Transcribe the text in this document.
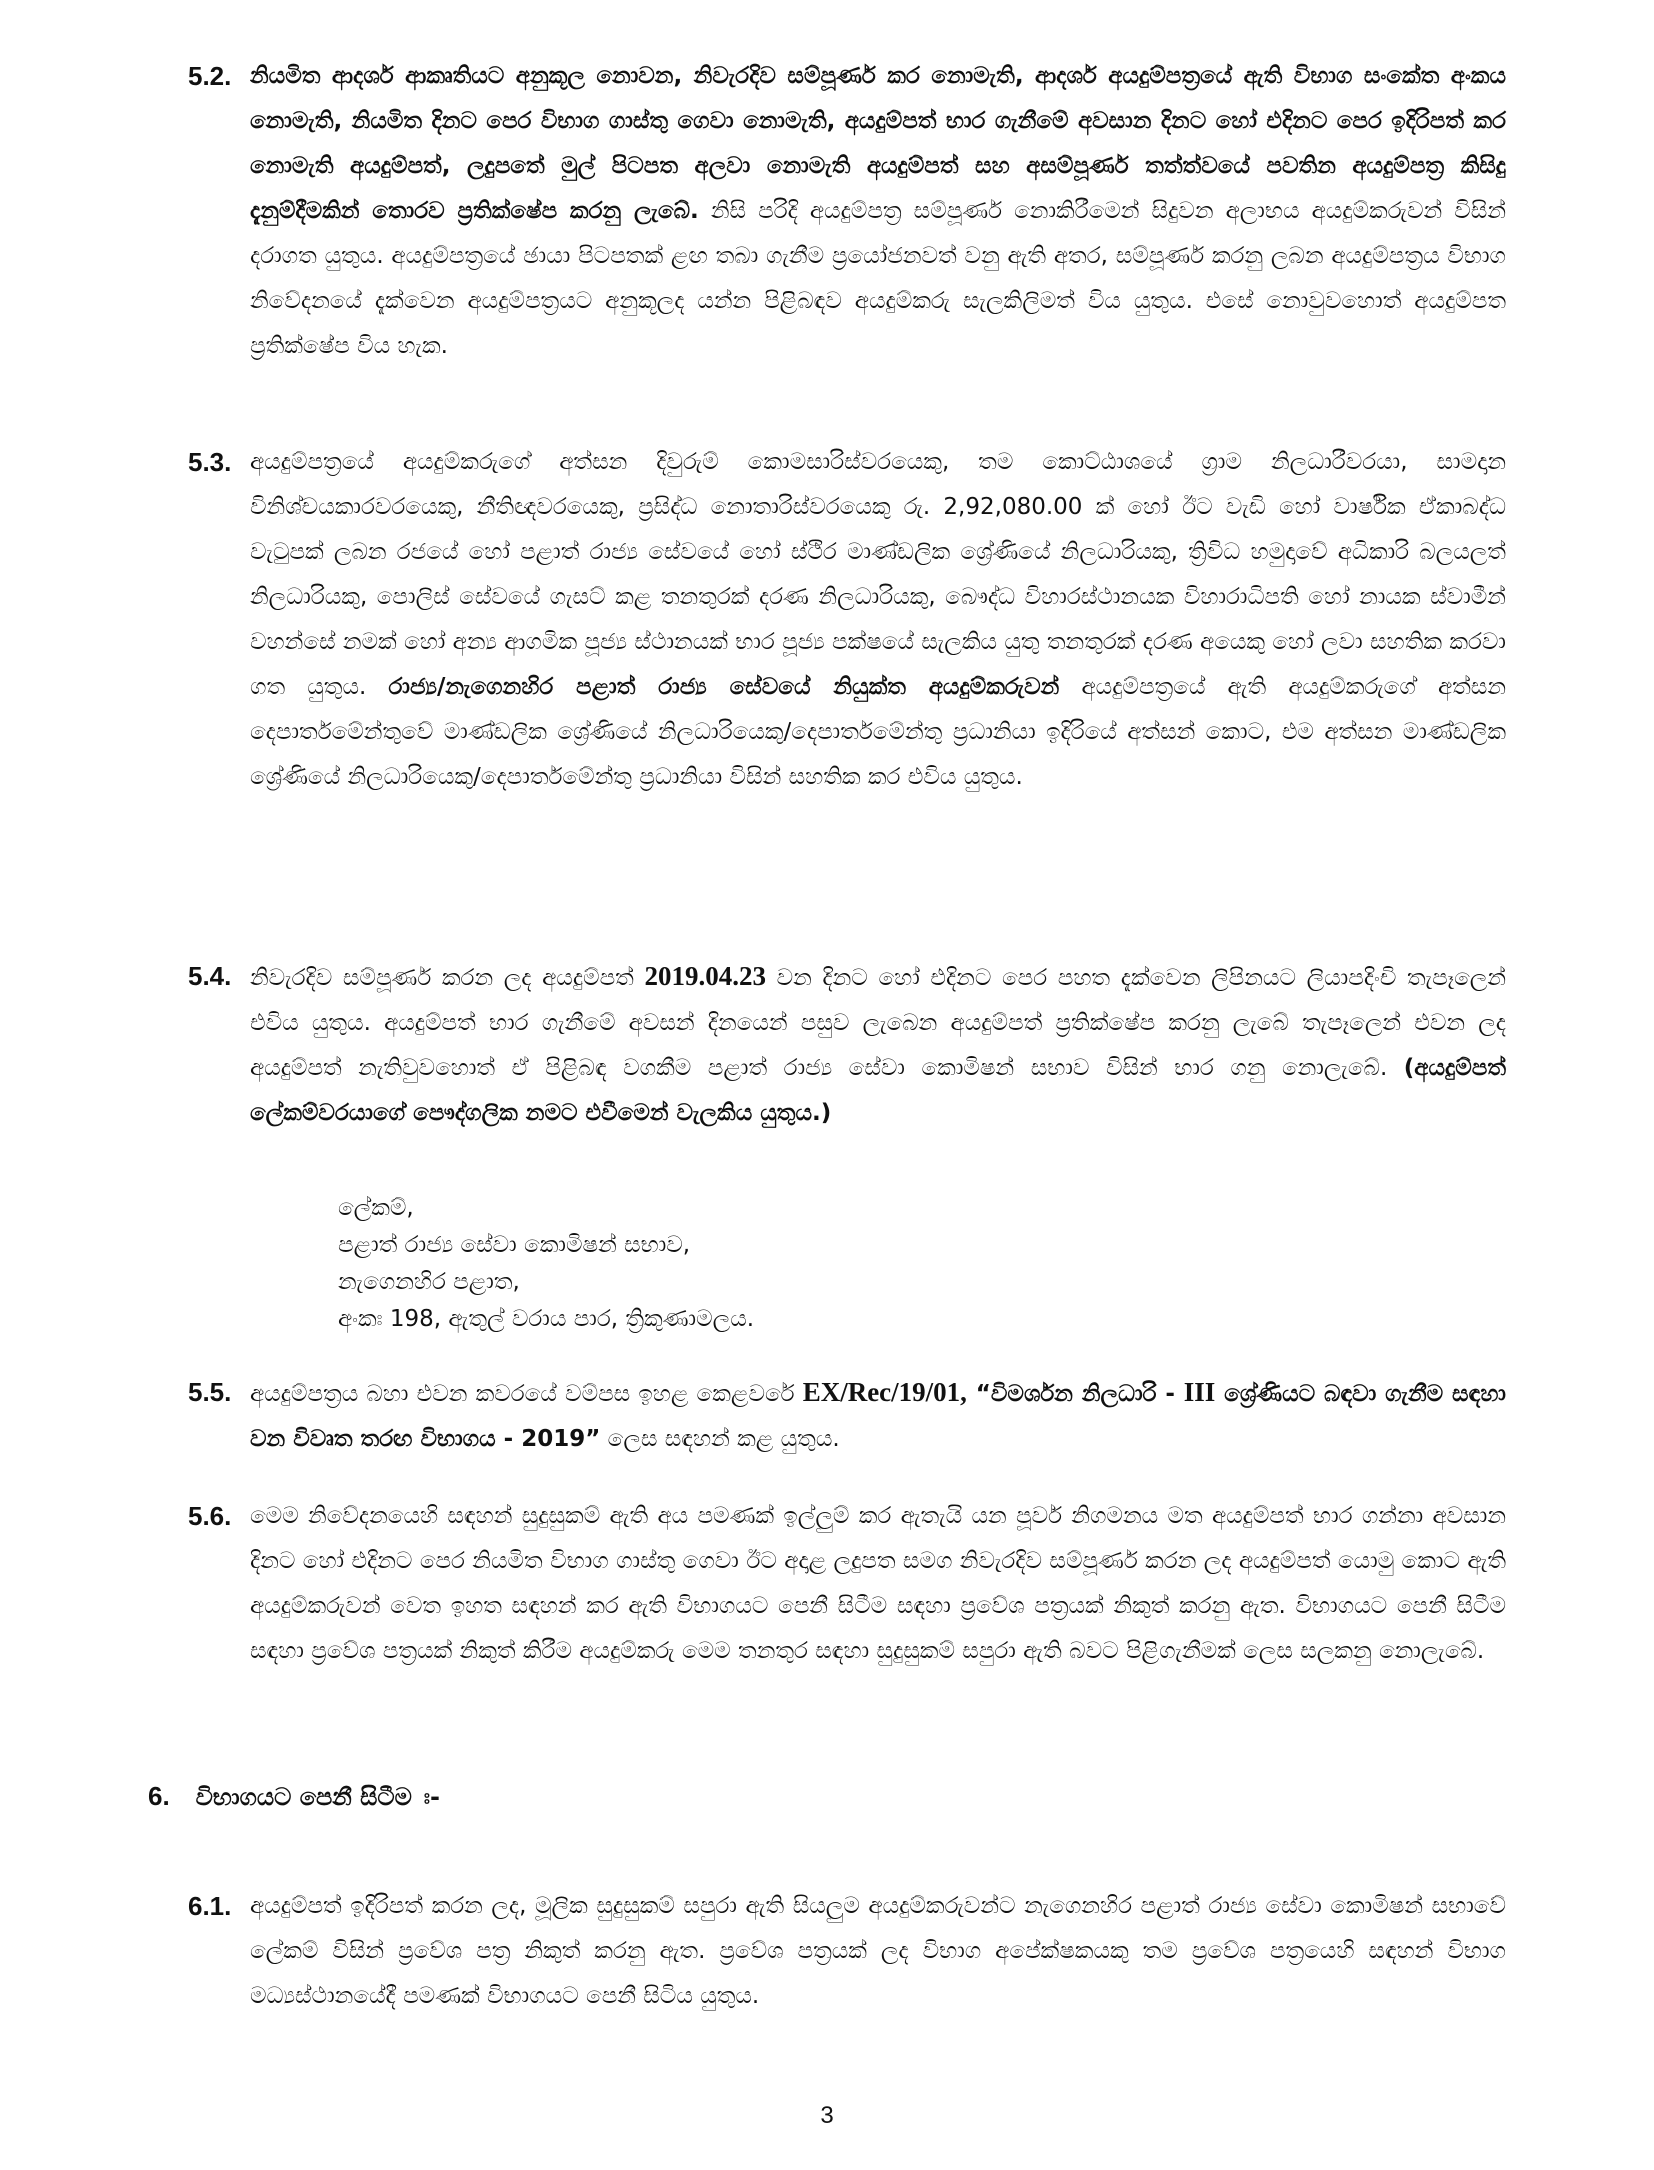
5.2. නියමිත ආදර්ශ ආකෘතියට අනුකූල නොවන, නිවැරදිව සම්පූර්ණ කර නොමැති, ආදර්ශ අයදුම්පත්‍රයේ ඇති විභාග සංකේත අංකය නොමැති, නියමිත දිනට පෙර විභාග ගාස්තු ගෙවා නොමැති, අයදුම්පත් භාර ගැනීමේ අවසාන දිනට හෝ එදිනට පෙර ඉදිරිපත් කර නොමැති අයදුම්පත්, ලදුපතේ මුල් පිටපත අලවා නොමැති අයදුම්පත් සහ අසම්පූර්ණ තත්ත්වයේ පවතින අයදුම්පත්‍ර කිසිදු දැනුම්දීමකින් තොරව ප්‍රතික්ෂේප කරනු ලැබේ. නිසි පරිදි අයදුම්පත්‍ර සම්පූර්ණ නොකිරීමෙන් සිදුවන අලාභය අයදුම්කරුවන් විසින් දරාගත යුතුය. අයදුම්පත්‍රයේ ඡායා පිටපතක් ළඟ තබා ගැනීම ප්‍රයෝජනවත් වනු ඇති අතර, සම්පූර්ණ කරනු ලබන අයදුම්පත්‍රය විභාග නිවේදනයේ දැක්වෙන අයදුම්පත්‍රයට අනුකූලද යන්න පිළිබඳව අයදුම්කරු සැලකිලිමත් විය යුතුය. එසේ නොවුවහොත් අයදුම්පත ප්‍රතික්ෂේප විය හැක.
5.3. අයදුම්පත්‍රයේ අයදුම්කරුගේ අත්සන දිවුරුම් කොමසාරිස්වරයෙකු, තම කොට්ඨාශයේ ග්‍රාම නිලධාරීවරයා, සාමදාන විනිශ්චයකාරවරයෙකු, නීතිඥවරයෙකු, ප්‍රසිද්ධ නොතාරිස්වරයෙකු රු. 2,92,080.00 ක් හෝ ඊට වැඩි හෝ වාර්ෂික ඒකාබද්ධ වැටුපක් ලබන රජයේ හෝ පළාත් රාජ්‍ය සේවයේ හෝ ස්ථිර මාණ්ඩලික ශ්‍රේණියේ නිලධාරියකු, ත්‍රිවිධ හමුදාවේ අධිකාරි බලයලත් නිලධාරියකු, පොලිස් සේවයේ ගැසට් කළ තනතුරක් දරණ නිලධාරියකු, බෞද්ධ විහාරස්ථානයක විහාරාධිපති හෝ නායක ස්වාමීන් වහන්සේ නමක් හෝ අන්‍ය ආගමික පූජ්‍ය ස්ථානයක් භාර පූජ්‍ය පක්ෂයේ සැලකිය යුතු තනතුරක් දරණ අයෙකු හෝ ලවා සහතික කරවා ගත යුතුය. රාජ්‍ය/නැගෙනහිර පළාත් රාජ්‍ය සේවයේ නියුක්ත අයදුම්කරුවන් අයදුම්පත්‍රයේ ඇති අයදුම්කරුගේ අත්සන දෙපාර්තමේන්තුවේ මාණ්ඩලික ශ්‍රේණියේ නිලධාරියෙකු/දෙපාර්තමේන්තු ප්‍රධානියා ඉදිරියේ අත්සන් කොට, එම අත්සන මාණ්ඩලික ශ්‍රේණියේ නිලධාරියෙකු/දෙපාර්තමේන්තු ප්‍රධානියා විසින් සහතික කර එවිය යුතුය.
5.4. නිවැරදිව සම්පූර්ණ කරන ලද අයදුම්පත් 2019.04.23 වන දිනට හෝ එදිනට පෙර පහත දැක්වෙන ලිපිනයට ලියාපදිංචි තැපෑලෙන් එවිය යුතුය. අයදුම්පත් භාර ගැනීමේ අවසන් දිනයෙන් පසුව ලැබෙන අයදුම්පත් ප්‍රතික්ෂේප කරනු ලැබේ තැපෑලෙන් එවන ලද අයදුම්පත් නැතිවුවහොත් ඒ පිළිබඳ වගකීම පළාත් රාජ්‍ය සේවා කොමිෂන් සභාව විසින් භාර ගනු නොලැබේ. (අයදුම්පත් ලේකම්වරයාගේ පෞද්ගලික නමට එවීමෙන් වැලකිය යුතුය.)
ලේකම්,
පළාත් රාජ්‍ය සේවා කොමිෂන් සභාව,
නැගෙනහිර පළාත,
අංකඃ 198, ඇතුල් වරාය පාර, ත්‍රිකුණාමලය.
5.5. අයදුම්පත්‍රය බහා එවන කවරයේ වම්පස ඉහළ කෙළවරේ EX/Rec/19/01, “විමර්ශන නිලධාරි - III ශ්‍රේණියට බඳවා ගැනීම සඳහා වන විවෘත තරඟ විභාගය - 2019” ලෙස සඳහන් කළ යුතුය.
5.6. මෙම නිවේදනයෙහි සඳහන් සුදුසුකම් ඇති අය පමණක් ඉල්ලුම් කර ඇතැයි යන පූර්ව නිගමනය මත අයදුම්පත් භාර ගන්නා අවසාන දිනට හෝ එදිනට පෙර නියමිත විභාග ගාස්තු ගෙවා ඊට අදාළ ලදුපත සමග නිවැරදිව සම්පූර්ණ කරන ලද අයදුම්පත් යොමු කොට ඇති අයදුම්කරුවන් වෙත ඉහත සඳහන් කර ඇති විභාගයට පෙනී සිටීම සඳහා ප්‍රවේශ පත්‍රයක් නිකුත් කරනු ඇත. විභාගයට පෙනී සිටීම සඳහා ප්‍රවේශ පත්‍රයක් නිකුත් කිරීම අයදුම්කරු මෙම තනතුර සඳහා සුදුසුකම් සපුරා ඇති බවට පිළිගැනීමක් ලෙස සලකනු නොලැබේ.
6. විභාගයට පෙනී සිටීම ඃ-
6.1. අයදුම්පත් ඉදිරිපත් කරන ලද, මූලික සුදුසුකම් සපුරා ඇති සියලුම අයදුම්කරුවන්ට නැගෙනහිර පළාත් රාජ්‍ය සේවා කොමිෂන් සභාවේ ලේකම් විසින් ප්‍රවේශ පත්‍ර නිකුත් කරනු ඇත. ප්‍රවේශ පත්‍රයක් ලද විභාග අපේක්ෂකයකු තම ප්‍රවේශ පත්‍රයෙහි සඳහන් විභාග මධ්‍යස්ථානයේදී පමණක් විභාගයට පෙනී සිටිය යුතුය.
3
